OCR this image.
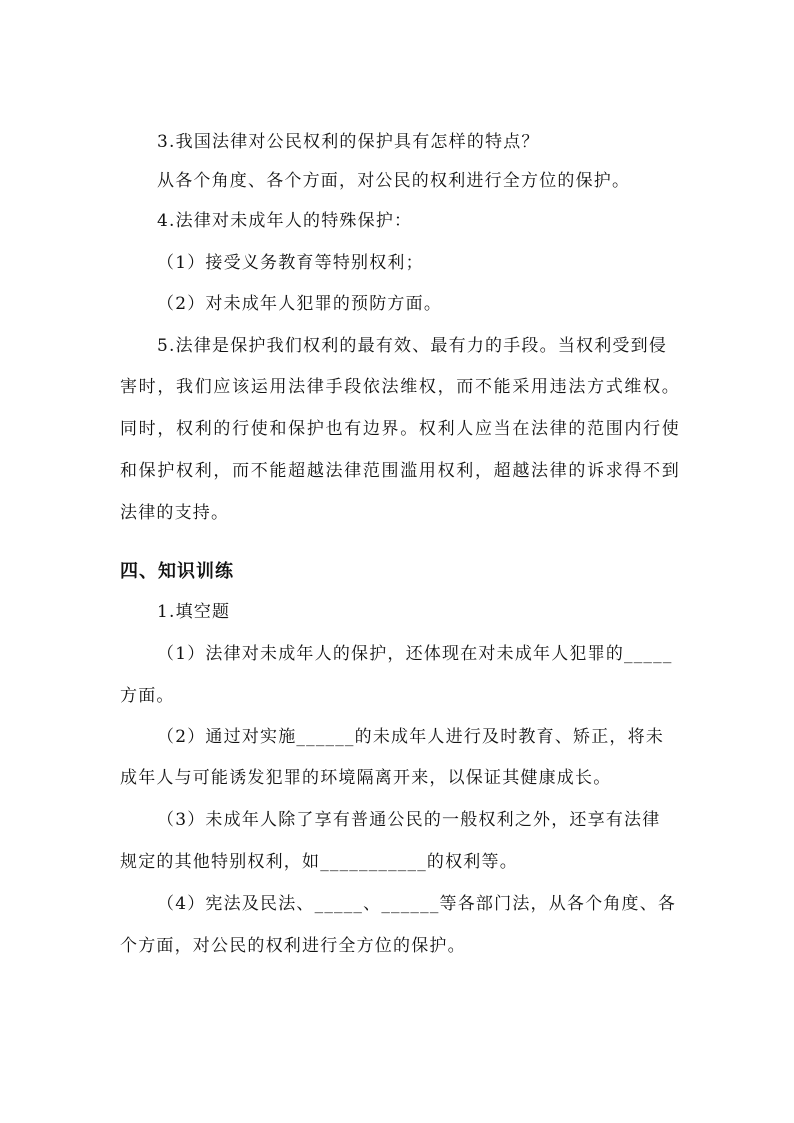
3.我国法律对公民权利的保护具有怎样的特点？
从各个角度、各个方面，对公民的权利进行全方位的保护。
4.法律对未成年人的特殊保护：
（1）接受义务教育等特别权利；
（2）对未成年人犯罪的预防方面。
5.法律是保护我们权利的最有效、最有力的手段。当权利受到侵
害时，我们应该运用法律手段依法维权，而不能采用违法方式维权。
同时，权利的行使和保护也有边界。权利人应当在法律的范围内行使
和保护权利，而不能超越法律范围滥用权利，超越法律的诉求得不到
法律的支持。
四、知识训练
1.填空题
（1）法律对未成年人的保护，还体现在对未成年人犯罪的_____
方面。
（2）通过对实施______的未成年人进行及时教育、矫正，将未
成年人与可能诱发犯罪的环境隔离开来，以保证其健康成长。
（3）未成年人除了享有普通公民的一般权利之外，还享有法律
规定的其他特别权利，如___________的权利等。
（4）宪法及民法、_____、______等各部门法，从各个角度、各
个方面，对公民的权利进行全方位的保护。
